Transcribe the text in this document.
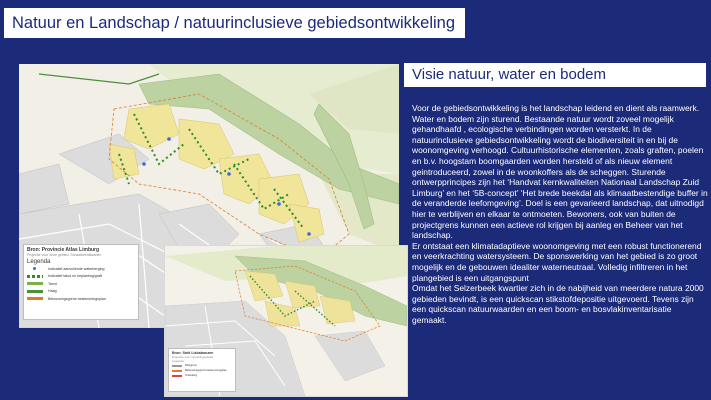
Natuur en Landschap / natuurinclusieve gebiedsontwikkeling
Bron: Provincie Atlas Limburg
Projectie voor onze gebied: Schaalbeeldkaarten
Legenda
Indicatief aanvullende waterberging
Indicatief talud en beplanting/graft
Tarvd
Haag
Bebouwingsgrens bestemmingsplan
Bron: Smit Lisbabonzen
Projectie voor inpassingsstudie
Legenda
Plangrens
Bebouwingsgrens bestemmingsplan
Ontsluiting
Visie natuur, water en bodem

Voor de gebiedsontwikkeling is het landschap leidend en dient als raamwerk. Water en bodem zijn sturend. Bestaande natuur wordt zoveel mogelijk gehandhaafd , ecologische verbindingen worden versterkt. In de natuurinclusieve gebiedsontwikkeling wordt de biodiversiteit in en bij de woonomgeving verhoogd. Cultuurhistorische elementen, zoals graften, poelen en b.v. hoogstam boomgaarden worden hersteld of als nieuw element geintroduceerd, zowel in de woonkoffers als de scheggen. Sturende ontwerpprincipes zijn het ‘Handvat kernkwaliteiten Nationaal Landschap Zuid Limburg’ en het ‘5B-concept’ ‘Het brede beekdal als klimaatbestendige buffer in de veranderde leefomgeving’. Doel is een gevarieerd landschap, dat uitnodigd hier te verblijven en elkaar te ontmoeten. Bewoners, ook van buiten de projectgrens kunnen een actieve rol krijgen bij aanleg en Beheer van het landschap.

Er ontstaat een klimatadaptieve woonomgeving met een robust functionerend en veerkrachting watersysteem. De sponswerking van het gebied is zo groot mogelijk en de gebouwen idealiter waterneutraal. Volledig infiltreren in het plangebied is een uitgangspunt

Omdat het Selzerbeek kwartier zich in de nabijheid van meerdere natura 2000 gebieden bevindt, is een quickscan stikstofdepositie uitgevoerd. Tevens zijn een quickscan natuurwaarden en een boom- en bosvlakinventarisatie gemaakt.
